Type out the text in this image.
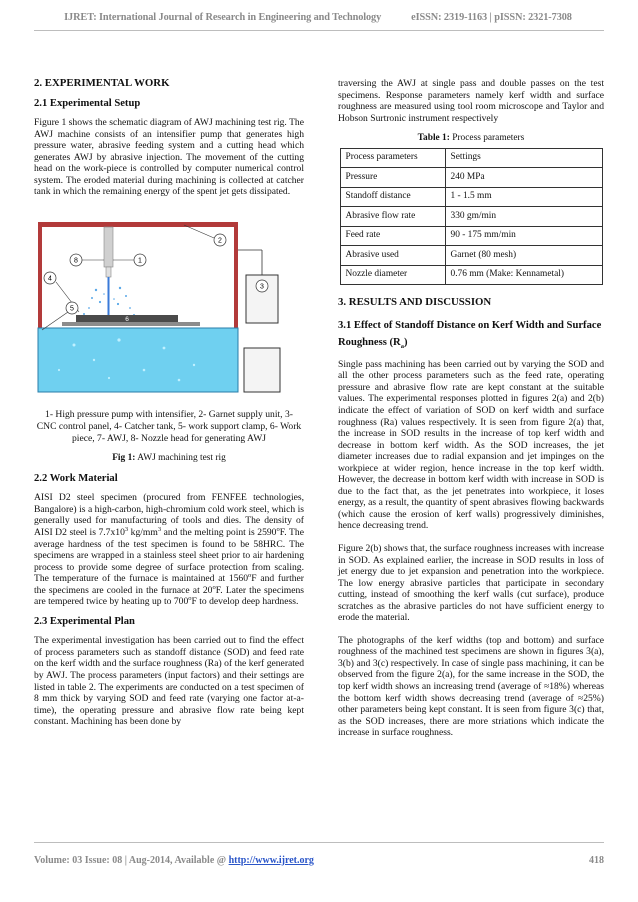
IJRET: International Journal of Research in Engineering and Technology	eISSN: 2319-1163 | pISSN: 2321-7308
2. EXPERIMENTAL WORK
2.1 Experimental Setup

Figure 1 shows the schematic diagram of AWJ machining test rig. The AWJ machine consists of an intensifier pump that generates high pressure water, abrasive feeding system and a cutting head which generates AWJ by abrasive injection. The movement of the cutting head on the work-piece is controlled by computer numerical control system. The eroded material during machining is collected at catcher tank in which the remaining energy of the spent jet gets dissipated.

8	1
2
3
4
5
6
1- High pressure pump with intensifier, 2- Garnet supply unit, 3- CNC control panel, 4- Catcher tank, 5- work support clamp, 6- Work piece, 7- AWJ, 8- Nozzle head for generating AWJ
Fig 1: AWJ machining test rig
2.2 Work Material

AISI D2 steel specimen (procured from FENFEE technologies, Bangalore) is a high-carbon, high-chromium cold work steel, which is generally used for manufacturing of tools and dies. The density of AISI D2 steel is $7.7x10^3$ $kg/mm^3$ and the melting point is 2590$^o$F. The average hardness of the test specimen is found to be 58HRC. The specimens are wrapped in a stainless steel sheet prior to air hardening process to provide some degree of surface protection from scaling. The temperature of the furnace is maintained at 1560$^o$F and further the specimens are cooled in the furnace at 20$^o$F. Later the specimens are tempered twice by heating up to 700$^o$F to develop deep hardness.

2.3 Experimental Plan

The experimental investigation has been carried out to find the effect of process parameters such as standoff distance (SOD) and feed rate on the kerf width and the surface roughness (Ra) of the kerf generated by AWJ. The process parameters (input factors) and their settings are listed in table 2. The experiments are conducted on a test specimen of 8 mm thick by varying SOD and feed rate (varying one factor at-a-time), the operating pressure and abrasive flow rate being kept constant. Machining has been done by

traversing the AWJ at single pass and double passes on the test specimens. Response parameters namely kerf width and surface roughness are measured using tool room microscope and Taylor and Hobson Surtronic instrument respectively

Table 1: Process parameters
Process parameters	Settings
Pressure	240 MPa
Standoff distance	1 - 1.5 mm
Abrasive flow rate	330 gm/min
Feed rate	90 - 175 mm/min
Abrasive used	Garnet (80 mesh)
Nozzle diameter	0.76 mm (Make: Kennametal)
3. RESULTS AND DISCUSSION
3.1 Effect of Standoff Distance on Kerf Width and Surface Roughness $(R_a)$

Single pass machining has been carried out by varying the SOD and all the other process parameters such as the feed rate, operating pressure and abrasive flow rate are kept constant at the suitable values. The experimental responses plotted in figures 2(a) and 2(b) indicate the effect of variation of SOD on kerf width and surface roughness (Ra) values respectively. It is seen from figure 2(a) that, the increase in SOD results in the increase of top kerf width and decrease in bottom kerf width. As the SOD increases, the jet diameter increases due to radial expansion and jet impinges on the workpiece at wider region, hence increase in the top kerf width. However, the decrease in bottom kerf width with increase in SOD is due to the fact that, as the jet penetrates into workpiece, it loses energy, as a result, the quantity of spent abrasives flowing backwards (which cause the erosion of kerf walls) progressively diminishes, hence decreasing trend.

Figure 2(b) shows that, the surface roughness increases with increase in SOD. As explained earlier, the increase in SOD results in loss of jet energy due to jet expansion and penetration into the workpiece. The low energy abrasive particles that participate in secondary cutting, instead of smoothing the kerf walls (cut surface), produce scratches as the abrasive particles do not have sufficient energy to erode the material.

The photographs of the kerf widths (top and bottom) and surface roughness of the machined test specimens are shown in figures 3(a), 3(b) and 3(c) respectively. In case of single pass machining, it can be observed from the figure 2(a), for the same increase in the SOD, the top kerf width shows an increasing trend (average of ≈18%) whereas the bottom kerf width shows decreasing trend (average of ≈25%) other parameters being kept constant. It is seen from figure 3(c) that, as the SOD increases, there are more striations which indicate the increase in surface roughness.

Volume: 03 Issue: 08 | Aug-2014, Available @ http://www.ijret.org	418
